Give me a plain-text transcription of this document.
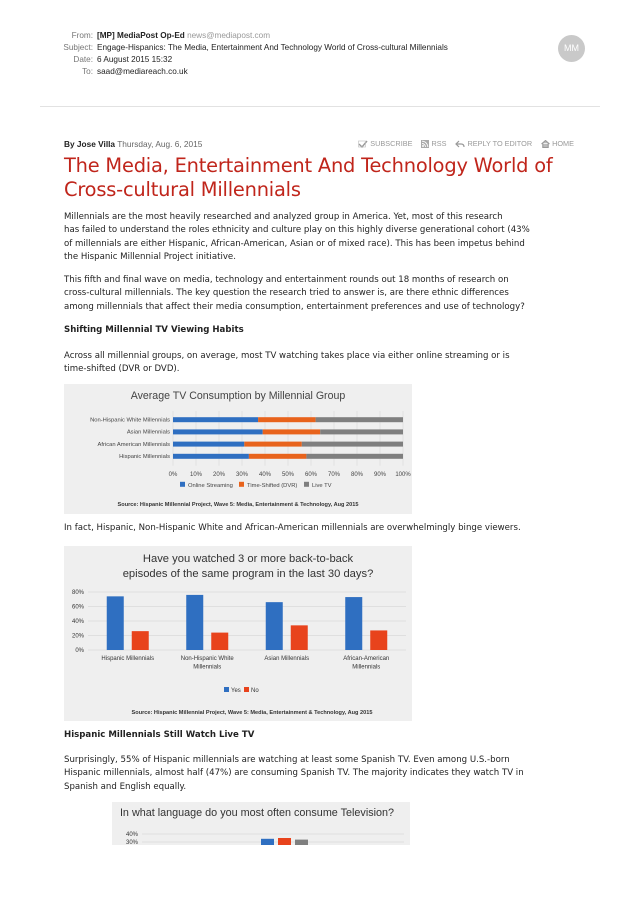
From: [MP] MediaPost Op-Ed news@mediapost.com
Subject: Engage-Hispanics: The Media, Entertainment And Technology World of Cross-cultural Millennials
Date: 6 August 2015 15:32
To: saad@mediareach.co.uk
MM
By Jose Villa Thursday, Aug. 6, 2015	SUBSCRIBE	RSS	REPLY TO EDITOR	HOME
The Media, Entertainment And Technology World of
Cross-cultural Millennials

Millennials are the most heavily researched and analyzed group in America. Yet, most of this research
has failed to understand the roles ethnicity and culture play on this highly diverse generational cohort (43%
of millennials are either Hispanic, African-American, Asian or of mixed race). This has been impetus behind
the Hispanic Millennial Project initiative.

This fifth and final wave on media, technology and entertainment rounds out 18 months of research on
cross-cultural millennials. The key question the research tried to answer is, are there ethnic differences
among millennials that affect their media consumption, entertainment preferences and use of technology?

Shifting Millennial TV Viewing Habits

Across all millennial groups, on average, most TV watching takes place via either online streaming or is
time-shifted (DVR or DVD).

Average TV Consumption by Millennial Group
0% 10% 20% 30% 40% 50% 60% 70% 80% 90% 100%
Non-Hispanic White Millennials
Asian Millennials
African American Millennials
Hispanic Millennials
Online Streaming Time-Shifted (DVR)	Live TV
Source: Hispanic Millennial Project, Wave 5: Media, Entertainment & Technology, Aug 2015

In fact, Hispanic, Non-Hispanic White and African-American millennials are overwhelmingly binge viewers.

Have you watched 3 or more back-to-back
episodes of the same program in the last 30 days?
0%
20%
40%
60%
80%
Hispanic Millennials	Non-Hispanic White
Millennials
Asian Millennials	African-American
Millennials
Yes No
Source: Hispanic Millennial Project, Wave 5: Media, Entertainment & Technology, Aug 2015

Hispanic Millennials Still Watch Live TV

Surprisingly, 55% of Hispanic millennials are watching at least some Spanish TV. Even among U.S.-born
Hispanic millennials, almost half (47%) are consuming Spanish TV. The majority indicates they watch TV in
Spanish and English equally.

In what language do you most often consume Television?
40%
30%
